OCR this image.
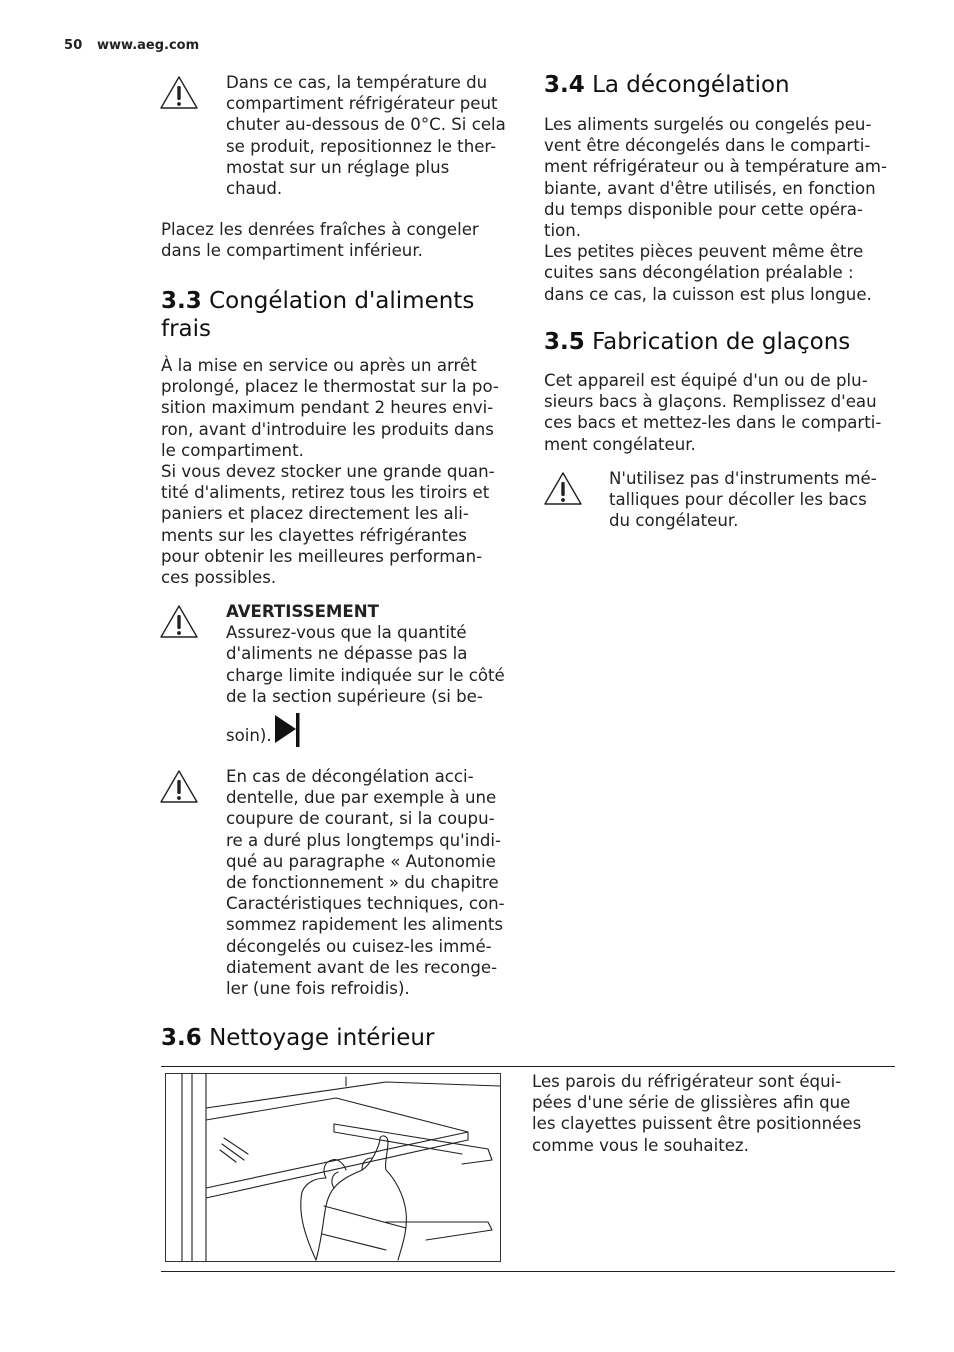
50 www.aeg.com
Dans ce cas, la température du
compartiment réfrigérateur peut
chuter au-dessous de 0°C. Si cela
se produit, repositionnez le ther-
mostat sur un réglage plus
chaud.
Placez les denrées fraîches à congeler
dans le compartiment inférieur.
3.3 Congélation d'aliments
frais
À la mise en service ou après un arrêt
prolongé, placez le thermostat sur la po-
sition maximum pendant 2 heures envi-
ron, avant d'introduire les produits dans
le compartiment.
Si vous devez stocker une grande quan-
tité d'aliments, retirez tous les tiroirs et
paniers et placez directement les ali-
ments sur les clayettes réfrigérantes
pour obtenir les meilleures performan-
ces possibles.
AVERTISSEMENT
Assurez-vous que la quantité
d'aliments ne dépasse pas la
charge limite indiquée sur le côté
de la section supérieure (si be-
soin).
En cas de décongélation acci-
dentelle, due par exemple à une
coupure de courant, si la coupu-
re a duré plus longtemps qu'indi-
qué au paragraphe « Autonomie
de fonctionnement » du chapitre
Caractéristiques techniques, con-
sommez rapidement les aliments
décongelés ou cuisez-les immé-
diatement avant de les reconge-
ler (une fois refroidis).
3.4 La décongélation
Les aliments surgelés ou congelés peu-
vent être décongelés dans le comparti-
ment réfrigérateur ou à température am-
biante, avant d'être utilisés, en fonction
du temps disponible pour cette opéra-
tion.
Les petites pièces peuvent même être
cuites sans décongélation préalable :
dans ce cas, la cuisson est plus longue.
3.5 Fabrication de glaçons
Cet appareil est équipé d'un ou de plu-
sieurs bacs à glaçons. Remplissez d'eau
ces bacs et mettez-les dans le comparti-
ment congélateur.
N'utilisez pas d'instruments mé-
talliques pour décoller les bacs
du congélateur.
3.6 Nettoyage intérieur
Les parois du réfrigérateur sont équi-
pées d'une série de glissières afin que
les clayettes puissent être positionnées
comme vous le souhaitez.
